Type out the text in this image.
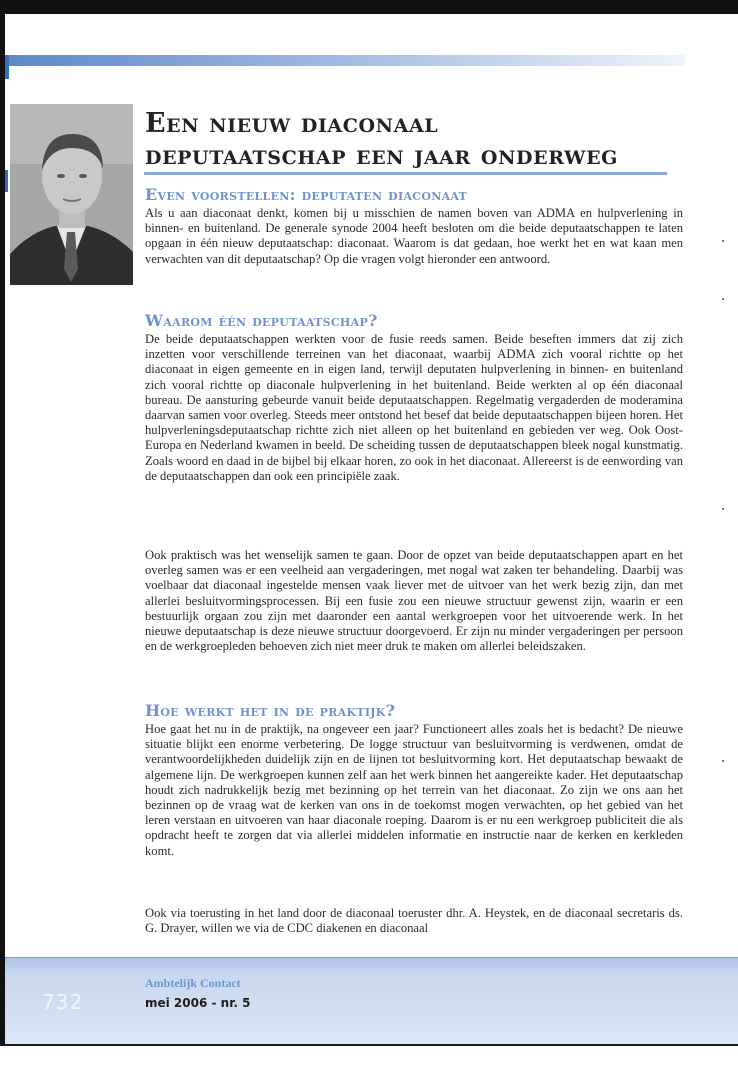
Een nieuw diaconaal
deputaatschap een jaar onderweg
Even voorstellen: deputaten diaconaat

Als u aan diaconaat denkt, komen bij u misschien de namen boven van ADMA en hulpverlening in binnen- en buitenland. De generale synode 2004 heeft besloten om die beide deputaatschappen te laten opgaan in één nieuw deputaatschap: diaconaat. Waarom is dat gedaan, hoe werkt het en wat kaan men verwachten van dit deputaatschap? Op die vragen volgt hieronder een antwoord.

Waarom één deputaatschap?

De beide deputaatschappen werkten voor de fusie reeds samen. Beide beseften immers dat zij zich inzetten voor verschillende terreinen van het diaconaat, waarbij ADMA zich vooral richtte op het diaconaat in eigen gemeente en in eigen land, terwijl deputaten hulpverlening in binnen- en buitenland zich vooral richtte op diaconale hulpverlening in het buitenland. Beide werkten al op één diaconaal bureau. De aansturing gebeurde vanuit beide deputaatschappen. Regelmatig vergaderden de moderamina daarvan samen voor overleg. Steeds meer ontstond het besef dat beide deputaatschappen bijeen horen. Het hulpverleningsdeputaatschap richtte zich niet alleen op het buitenland en gebieden ver weg. Ook Oost-Europa en Nederland kwamen in beeld. De scheiding tussen de deputaatschappen bleek nogal kunstmatig. Zoals woord en daad in de bijbel bij elkaar horen, zo ook in het diaconaat. Allereerst is de eenwording van de deputaatschappen dan ook een principiële zaak.

Ook praktisch was het wenselijk samen te gaan. Door de opzet van beide deputaatschappen apart en het overleg samen was er een veelheid aan vergaderingen, met nogal wat zaken ter behandeling. Daarbij was voelbaar dat diaconaal ingestelde mensen vaak liever met de uitvoer van het werk bezig zijn, dan met allerlei besluitvormingsprocessen. Bij een fusie zou een nieuwe structuur gewenst zijn, waarin er een bestuurlijk orgaan zou zijn met daaronder een aantal werkgroepen voor het uitvoerende werk. In het nieuwe deputaatschap is deze nieuwe structuur doorgevoerd. Er zijn nu minder vergaderingen per persoon en de werkgroepleden behoeven zich niet meer druk te maken om allerlei beleidszaken.

Hoe werkt het in de praktijk?

Hoe gaat het nu in de praktijk, na ongeveer een jaar? Functioneert alles zoals het is bedacht? De nieuwe situatie blijkt een enorme verbetering. De logge structuur van besluitvorming is verdwenen, omdat de verantwoordelijkheden duidelijk zijn en de lijnen tot besluitvorming kort. Het deputaatschap bewaakt de algemene lijn. De werkgroepen kunnen zelf aan het werk binnen het aangereikte kader. Het deputaatschap houdt zich nadrukkelijk bezig met bezinning op het terrein van het diaconaat. Zo zijn we ons aan het bezinnen op de vraag wat de kerken van ons in de toekomst mogen verwachten, op het gebied van het leren verstaan en uitvoeren van haar diaconale roeping. Daarom is er nu een werkgroep publiciteit die als opdracht heeft te zorgen dat via allerlei middelen informatie en instructie naar de kerken en kerkleden komt.

Ook via toerusting in het land door de diaconaal toeruster dhr. A. Heystek, en de diaconaal secretaris ds. G. Drayer, willen we via de CDC diakenen en diaconaal

732

Ambtelijk Contact

mei 2006 - nr. 5
